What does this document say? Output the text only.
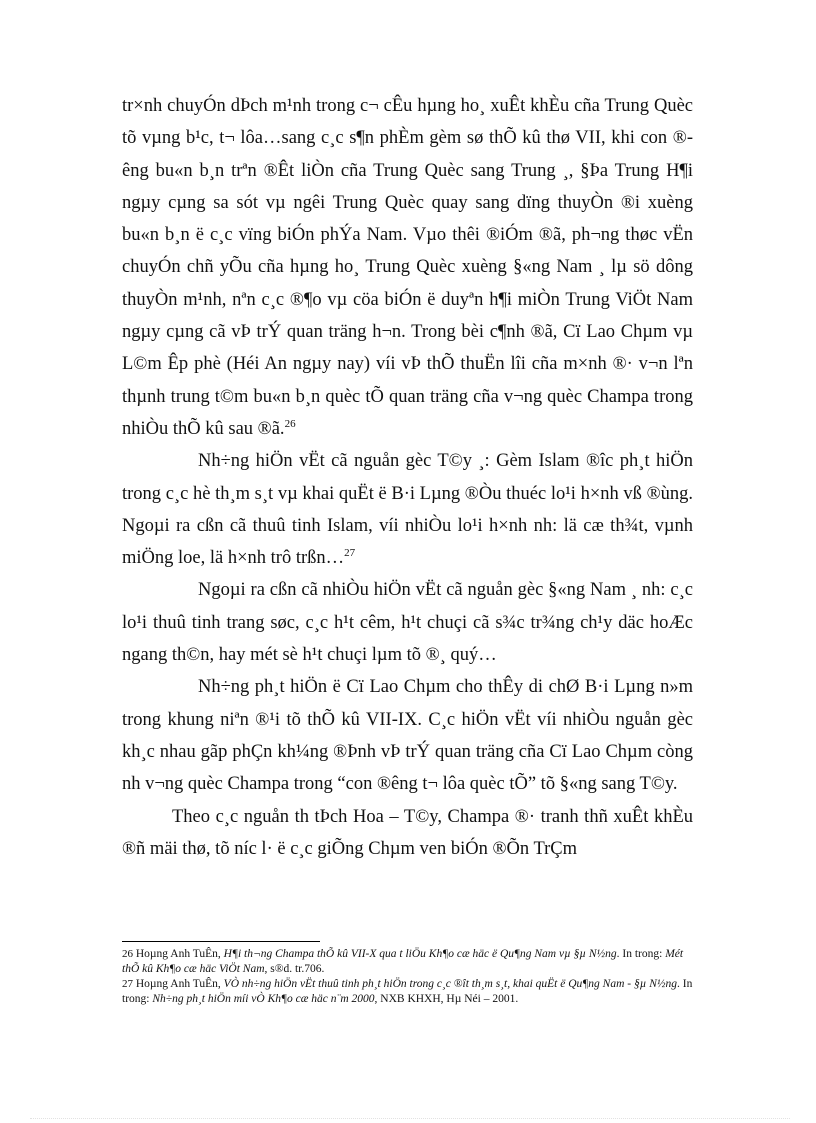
tr×nh chuyÓn dÞch m¹nh trong c¬ cÊu hµng ho¸ xuÊt khÈu cña Trung Quèc tõ vµng b¹c, t¬ lôa…sang c¸c s¶n phÈm gèm sø thÕ kû thø VII, khi con ®êng bu«n b¸n trªn ®Êt liÒn cña Trung Quèc sang Trung ¸, §Þa Trung H¶i ngµy cµng sa sót vµ ngêi Trung Quèc quay sang dïng thuyÒn ®i xuèng bu«n b¸n ë c¸c vïng biÓn phÝa Nam. Vµo thêi ®iÓm ®ã, ph¬ng thøc vËn chuyÓn chñ yÕu cña hµng ho¸ Trung Quèc xuèng §«ng Nam ¸ lµ sö dông thuyÒn m¹nh, nªn c¸c ®¶o vµ cöa biÓn ë duyªn h¶i miÒn Trung ViÖt Nam ngµy cµng cã vÞ trÝ quan träng h¬n. Trong bèi c¶nh ®ã, Cï Lao Chµm vµ L©m Êp phè (Héi An ngµy nay) víi vÞ thÕ thuËn lîi cña m×nh ®· v¬n lªn thµnh trung t©m bu«n b¸n quèc tÕ quan träng cña v¬ng quèc Champa trong nhiÒu thÕ kû sau ®ã.$^{26}$

Nh÷ng hiÖn vËt cã nguån gèc T©y ¸: Gèm Islam ®îc ph¸t hiÖn trong c¸c hè th¸m s¸t vµ khai quËt ë B·i Lµng ®Òu thuéc lo¹i h×nh vß ®ùng. Ngoµi ra cßn cã thuû tinh Islam, víi nhiÒu lo¹i h×nh nh: lä cæ th¾t, vµnh miÖng loe, lä h×nh trô trßn…$^{27}$

Ngoµi ra cßn cã nhiÒu hiÖn vËt cã nguån gèc §«ng Nam ¸ nh: c¸c lo¹i thuû tinh trang søc, c¸c h¹t cêm, h¹t chuçi cã s¾c tr¾ng ch¹y däc hoÆc ngang th©n, hay mét sè h¹t chuçi lµm tõ ®¸ quý…

Nh÷ng ph¸t hiÖn ë Cï Lao Chµm cho thÊy di chØ B·i Lµng n»m trong khung niªn ®¹i tõ thÕ kû VII-IX. C¸c hiÖn vËt víi nhiÒu nguån gèc kh¸c nhau gãp phÇn kh¼ng ®Þnh vÞ trÝ quan träng cña Cï Lao Chµm còng nh v¬ng quèc Champa trong “con ®êng t¬ lôa quèc tÕ” tõ §«ng sang T©y.

Theo c¸c nguån th tÞch Hoa – T©y, Champa ®· tranh thñ xuÊt khÈu ®ñ mäi thø, tõ níc l· ë c¸c giÕng Chµm ven biÓn ®Õn TrÇm

26 Hoµng Anh TuÊn, H¶i th¬ng Champa thÕ kû VII-X qua t liÖu Kh¶o cæ häc ë Qu¶ng Nam vµ §µ N½ng. In trong: Mét thÕ kû Kh¶o cæ häc ViÖt Nam, s®d. tr.706.

27 Hoµng Anh TuÊn, VÒ nh÷ng hiÖn vËt thuû tinh ph¸t hiÖn trong c¸c ®ît th¸m s¸t, khai quËt ë Qu¶ng Nam - §µ N½ng. In trong: Nh÷ng ph¸t hiÖn míi vÒ Kh¶o cæ häc n¨m 2000, NXB KHXH, Hµ Néi – 2001.
